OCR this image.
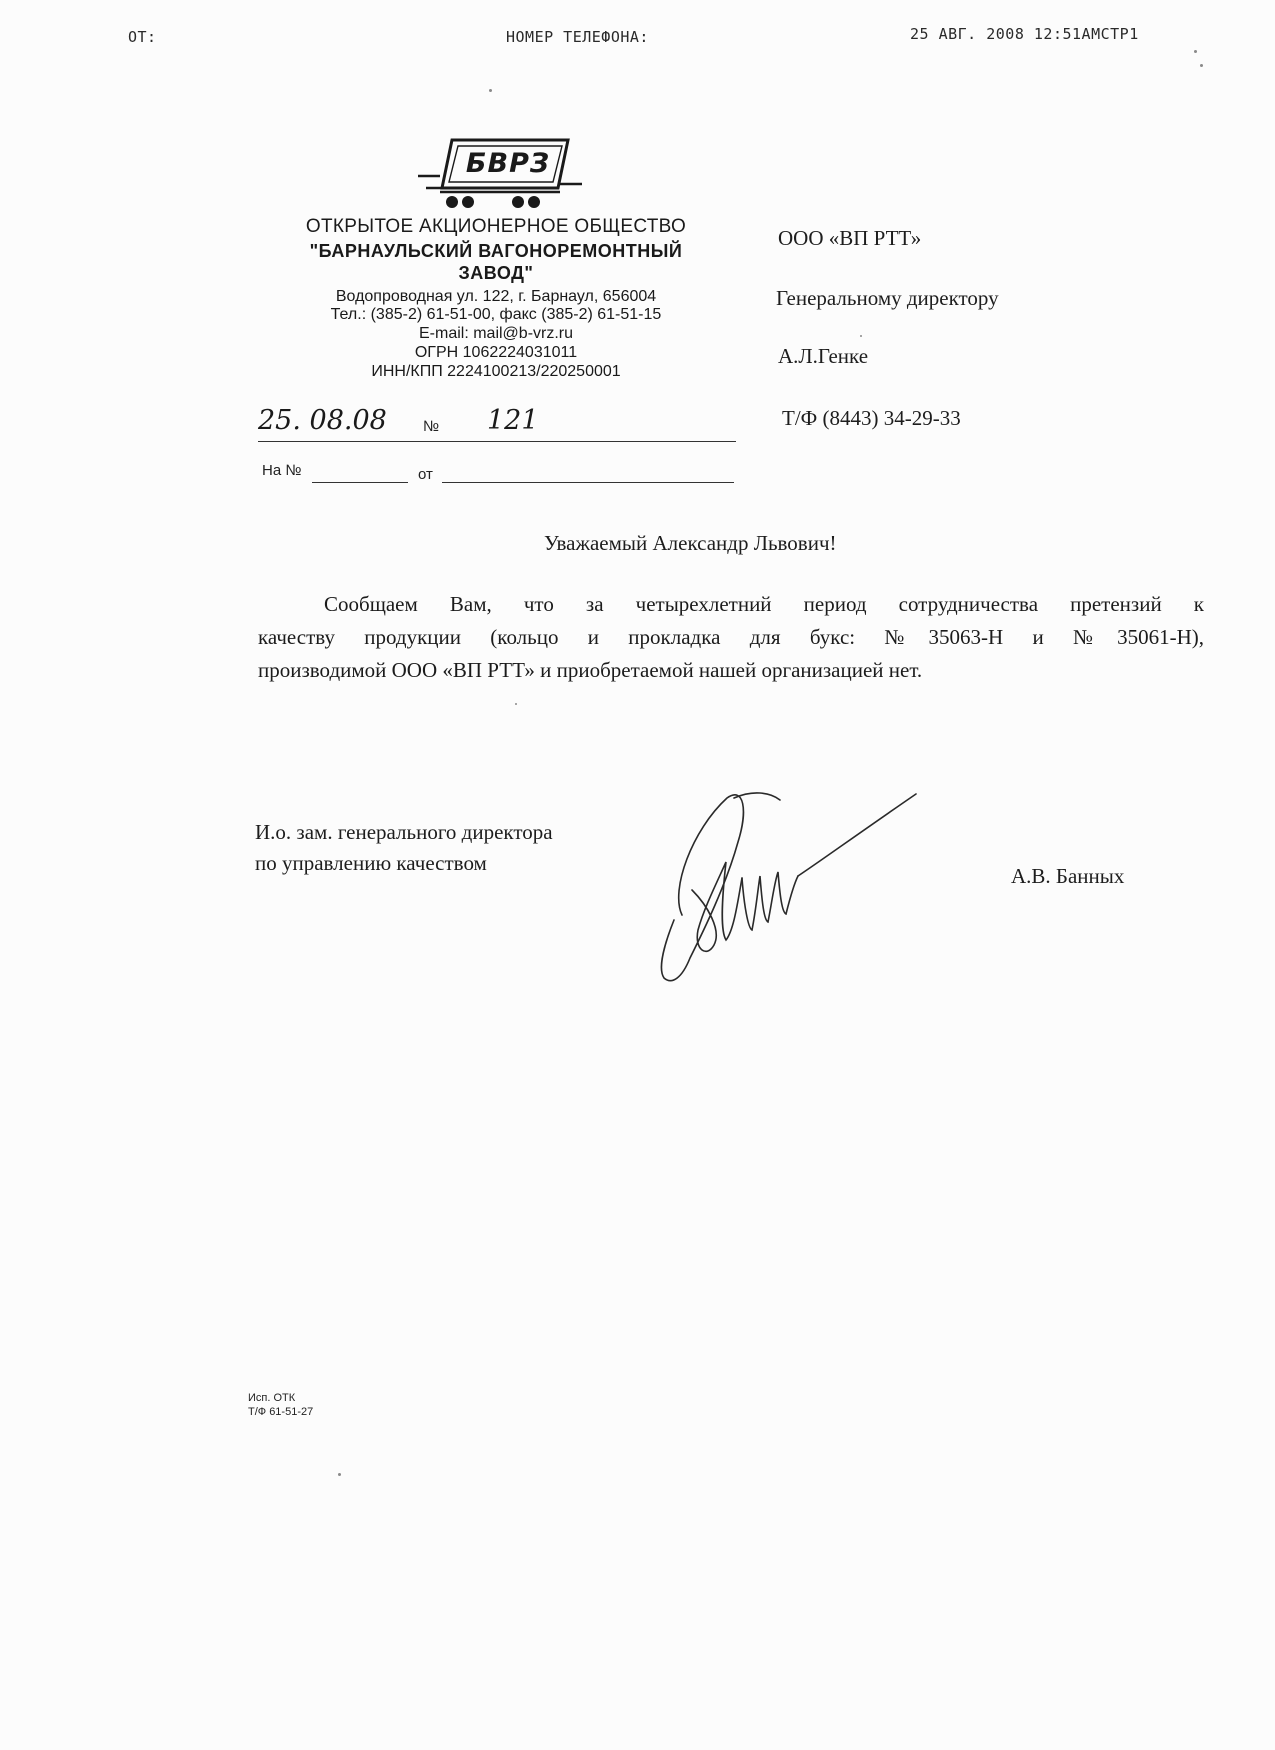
ОТ:	НОМЕР ТЕЛЕФОНА:	25 АВГ. 2008 12:51АМСТР1
БВРЗ
ОТКРЫТОЕ АКЦИОНЕРНОЕ ОБЩЕСТВО
"БАРНАУЛЬСКИЙ ВАГОНОРЕМОНТНЫЙ
ЗАВОД"
Водопроводная ул. 122, г. Барнаул, 656004
Тел.: (385-2) 61-51-00, факс (385-2) 61-51-15
E-mail: mail@b-vrz.ru
ОГРН 1062224031011
ИНН/КПП 2224100213/220250001
25. 08.08 № 121
На №	от
ООО «ВП РТТ»
Генеральному директору
А.Л.Генке
Т/Ф (8443) 34-29-33
Уважаемый Александр Львович!

Сообщаем Вам, что за четырехлетний период сотрудничества претензий к

качеству продукции (кольцо и прокладка для букс: №35063-Н и №35061-Н),

производимой ООО «ВП РТТ» и приобретаемой нашей организацией нет.

И.о. зам. генерального директора
по управлению качеством
А.В. Банных
Исп. ОТК
Т/Ф 61-51-27
